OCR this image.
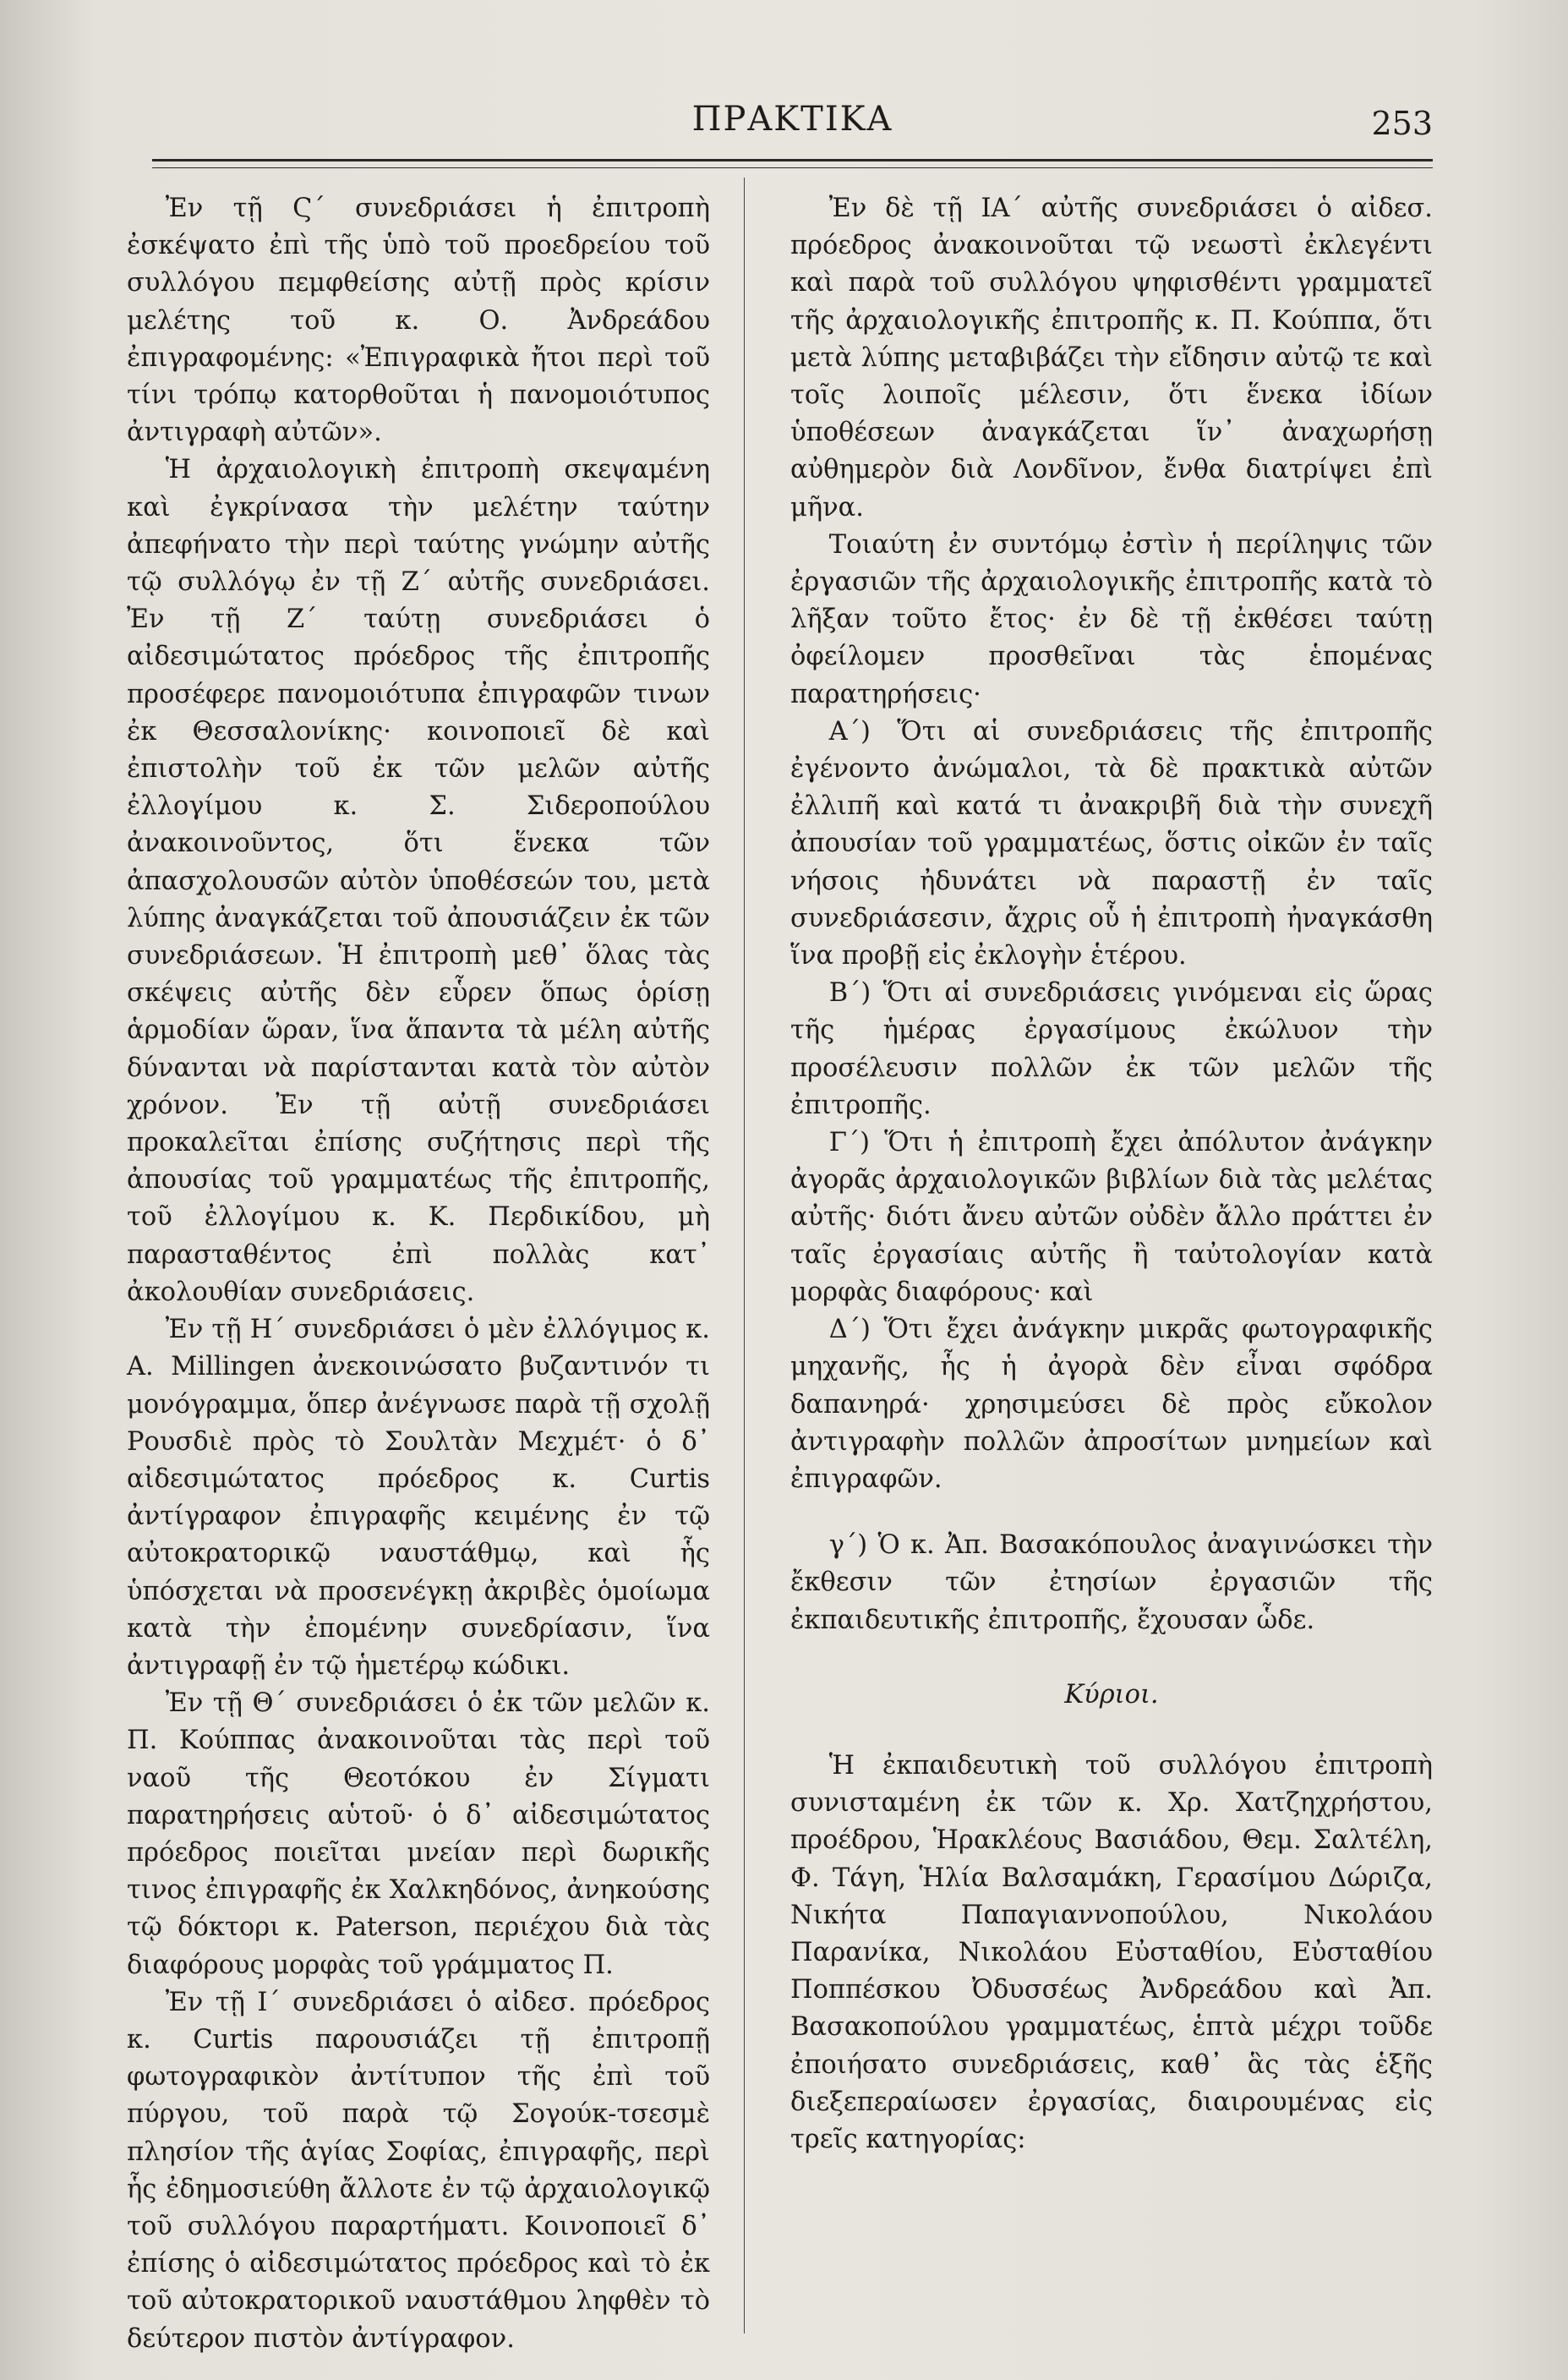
ΠΡΑΚΤΙΚΑ	253

Ἐν τῇ Ϛ΄ συνεδριάσει ἡ ἐπιτροπὴ ἐσκέψατο ἐπὶ τῆς ὑπὸ τοῦ προεδρείου τοῦ συλλόγου πεμφθείσης αὐτῇ πρὸς κρίσιν μελέτης τοῦ κ. Ο. Ἀνδρεάδου ἐπιγραφομένης: «Ἐπιγραφικὰ ἤτοι περὶ τοῦ τίνι τρόπῳ κατορθοῦται ἡ πανομοιότυπος ἀντιγραφὴ αὐτῶν».

Ἡ ἀρχαιολογικὴ ἐπιτροπὴ σκεψαμένη καὶ ἐγκρίνασα τὴν μελέτην ταύτην ἀπεφήνατο τὴν περὶ ταύτης γνώμην αὐτῆς τῷ συλλόγῳ ἐν τῇ Ζ΄ αὐτῆς συνεδριάσει. Ἐν τῇ Ζ΄ ταύτῃ συνεδριάσει ὁ αἰδεσιμώτατος πρόεδρος τῆς ἐπιτροπῆς προσέφερε πανομοιότυπα ἐπιγραφῶν τινων ἐκ Θεσσαλονίκης· κοινοποιεῖ δὲ καὶ ἐπιστολὴν τοῦ ἐκ τῶν μελῶν αὐτῆς ἐλλογίμου κ. Σ. Σιδεροπούλου ἀνακοινοῦντος, ὅτι ἕνεκα τῶν ἀπασχολουσῶν αὐτὸν ὑποθέσεών του, μετὰ λύπης ἀναγκάζεται τοῦ ἀπουσιάζειν ἐκ τῶν συνεδριάσεων. Ἡ ἐπιτροπὴ μεθ᾽ ὅλας τὰς σκέψεις αὐτῆς δὲν εὗρεν ὅπως ὁρίσῃ ἁρμοδίαν ὥραν, ἵνα ἅπαντα τὰ μέλη αὐτῆς δύνανται νὰ παρίστανται κατὰ τὸν αὐτὸν χρόνον. Ἐν τῇ αὐτῇ συνεδριάσει προκαλεῖται ἐπίσης συζήτησις περὶ τῆς ἀπουσίας τοῦ γραμματέως τῆς ἐπιτροπῆς, τοῦ ἐλλογίμου κ. Κ. Περδικίδου, μὴ παρασταθέντος ἐπὶ πολλὰς κατ᾽ ἀκολουθίαν συνεδριάσεις.

Ἐν τῇ Η΄ συνεδριάσει ὁ μὲν ἐλλόγιμος κ. A. Millingen ἀνεκοινώσατο βυζαντινόν τι μονόγραμμα, ὅπερ ἀνέγνωσε παρὰ τῇ σχολῇ Ρουσδιὲ πρὸς τὸ Σουλτὰν Μεχμέτ· ὁ δ᾽ αἰδεσιμώτατος πρόεδρος κ. Curtis ἀντίγραφον ἐπιγραφῆς κειμένης ἐν τῷ αὐτοκρατορικῷ ναυστάθμῳ, καὶ ἧς ὑπόσχεται νὰ προσενέγκῃ ἀκριβὲς ὁμοίωμα κατὰ τὴν ἐπομένην συνεδρίασιν, ἵνα ἀντιγραφῇ ἐν τῷ ἡμετέρῳ κώδικι.

Ἐν τῇ Θ΄ συνεδριάσει ὁ ἐκ τῶν μελῶν κ. Π. Κούππας ἀνακοινοῦται τὰς περὶ τοῦ ναοῦ τῆς Θεοτόκου ἐν Σίγματι παρατηρήσεις αὑτοῦ· ὁ δ᾽ αἰδεσιμώτατος πρόεδρος ποιεῖται μνείαν περὶ δωρικῆς τινος ἐπιγραφῆς ἐκ Χαλκηδόνος, ἀνηκούσης τῷ δόκτορι κ. Paterson, περιέχου διὰ τὰς διαφόρους μορφὰς τοῦ γράμματος Π.

Ἐν τῇ Ι΄ συνεδριάσει ὁ αἰδεσ. πρόεδρος κ. Curtis παρουσιάζει τῇ ἐπιτροπῇ φωτογραφικὸν ἀντίτυπον τῆς ἐπὶ τοῦ πύργου, τοῦ παρὰ τῷ Σογούκ-τσεσμὲ πλησίον τῆς ἁγίας Σοφίας, ἐπιγραφῆς, περὶ ἧς ἐδημοσιεύθη ἄλλοτε ἐν τῷ ἀρχαιολογικῷ τοῦ συλλόγου παραρτήματι. Κοινοποιεῖ δ᾽ ἐπίσης ὁ αἰδεσιμώτατος πρόεδρος καὶ τὸ ἐκ τοῦ αὐτοκρατορικοῦ ναυστάθμου ληφθὲν τὸ δεύτερον πιστὸν ἀντίγραφον.

Ἐν δὲ τῇ ΙΑ΄ αὐτῆς συνεδριάσει ὁ αἰδεσ. πρόεδρος ἀνακοινοῦται τῷ νεωστὶ ἐκλεγέντι καὶ παρὰ τοῦ συλλόγου ψηφισθέντι γραμματεῖ τῆς ἀρχαιολογικῆς ἐπιτροπῆς κ. Π. Κούππα, ὅτι μετὰ λύπης μεταβιβάζει τὴν εἴδησιν αὐτῷ τε καὶ τοῖς λοιποῖς μέλεσιν, ὅτι ἕνεκα ἰδίων ὑποθέσεων ἀναγκάζεται ἵν᾽ ἀναχωρήσῃ αὐθημερὸν διὰ Λονδῖνον, ἔνθα διατρίψει ἐπὶ μῆνα.

Τοιαύτη ἐν συντόμῳ ἐστὶν ἡ περίληψις τῶν ἐργασιῶν τῆς ἀρχαιολογικῆς ἐπιτροπῆς κατὰ τὸ λῆξαν τοῦτο ἔτος· ἐν δὲ τῇ ἐκθέσει ταύτῃ ὀφείλομεν προσθεῖναι τὰς ἑπομένας παρατηρήσεις·

Α΄) Ὅτι αἱ συνεδριάσεις τῆς ἐπιτροπῆς ἐγένοντο ἀνώμαλοι, τὰ δὲ πρακτικὰ αὐτῶν ἐλλιπῆ καὶ κατά τι ἀνακριβῆ διὰ τὴν συνεχῆ ἀπουσίαν τοῦ γραμματέως, ὅστις οἰκῶν ἐν ταῖς νήσοις ἠδυνάτει νὰ παραστῇ ἐν ταῖς συνεδριάσεσιν, ἄχρις οὗ ἡ ἐπιτροπὴ ἠναγκάσθη ἵνα προβῇ εἰς ἐκλογὴν ἑτέρου.

Β΄) Ὅτι αἱ συνεδριάσεις γινόμεναι εἰς ὥρας τῆς ἡμέρας ἐργασίμους ἐκώλυον τὴν προσέλευσιν πολλῶν ἐκ τῶν μελῶν τῆς ἐπιτροπῆς.

Γ΄) Ὅτι ἡ ἐπιτροπὴ ἔχει ἀπόλυτον ἀνάγκην ἀγορᾶς ἀρχαιολογικῶν βιβλίων διὰ τὰς μελέτας αὐτῆς· διότι ἄνευ αὐτῶν οὐδὲν ἄλλο πράττει ἐν ταῖς ἐργασίαις αὐτῆς ἢ ταὐτολογίαν κατὰ μορφὰς διαφόρους· καὶ

Δ΄) Ὅτι ἔχει ἀνάγκην μικρᾶς φωτογραφικῆς μηχανῆς, ἧς ἡ ἀγορὰ δὲν εἶναι σφόδρα δαπανηρά· χρησιμεύσει δὲ πρὸς εὔκολον ἀντιγραφὴν πολλῶν ἀπροσίτων μνημείων καὶ ἐπιγραφῶν.

γ΄) Ὁ κ. Ἀπ. Βασακόπουλος ἀναγινώσκει τὴν ἔκθεσιν τῶν ἐτησίων ἐργασιῶν τῆς ἐκπαιδευτικῆς ἐπιτροπῆς, ἔχουσαν ὧδε.

Κύριοι.

Ἡ ἐκπαιδευτικὴ τοῦ συλλόγου ἐπιτροπὴ συνισταμένη ἐκ τῶν κ. Χρ. Χατζηχρήστου, προέδρου, Ἡρακλέους Βασιάδου, Θεμ. Σαλτέλη, Φ. Τάγη, Ἡλία Βαλσαμάκη, Γερασίμου Δώριζα, Νικήτα Παπαγιαννοπούλου, Νικολάου Παρανίκα, Νικολάου Εὐσταθίου, Εὐσταθίου Ποππέσκου Ὀδυσσέως Ἀνδρεάδου καὶ Ἀπ. Βασακοπούλου γραμματέως, ἑπτὰ μέχρι τοῦδε ἐποιήσατο συνεδριάσεις, καθ᾽ ἃς τὰς ἑξῆς διεξεπεραίωσεν ἐργασίας, διαιρουμένας εἰς τρεῖς κατηγορίας:
